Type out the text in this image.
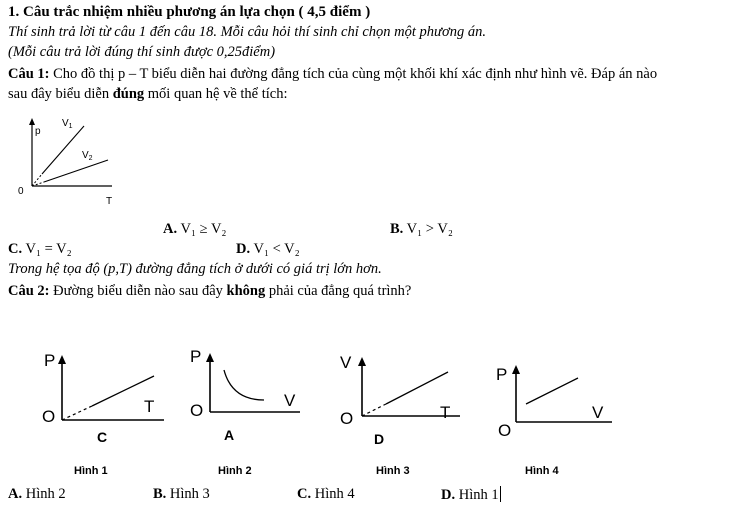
1. Câu trắc nhiệm nhiều phương án lựa chọn ( 4,5 điểm )
Thí sinh trả lời từ câu 1 đến câu 18. Mỗi câu hỏi thí sinh chỉ chọn một phương án.
(Mỗi câu trả lời đúng thí sinh được 0,25điểm)
Câu 1: Cho đồ thị p – T biểu diễn hai đường đẳng tích của cùng một khối khí xác định như hình vẽ. Đáp án nào
sau đây biểu diễn đúng mối quan hệ về thể tích:
p
$V_1$
$V_2$
0
T
A. V₁ ≥ V₂	B. V₁ > V₂
C. V₁ = V₂	D. V₁ < V₂
Trong hệ tọa độ (p,T) đường đẳng tích ở dưới có giá trị lớn hơn.
Câu 2: Đường biểu diễn nào sau đây không phải của đẳng quá trình?
P
O
T
C
Hình 1
P
O
V
A
Hình 2
V
O	T
D
Hình 3
P
O
V
Hình 4
A. Hình 2	B. Hình 3	C. Hình 4	D. Hình 1
